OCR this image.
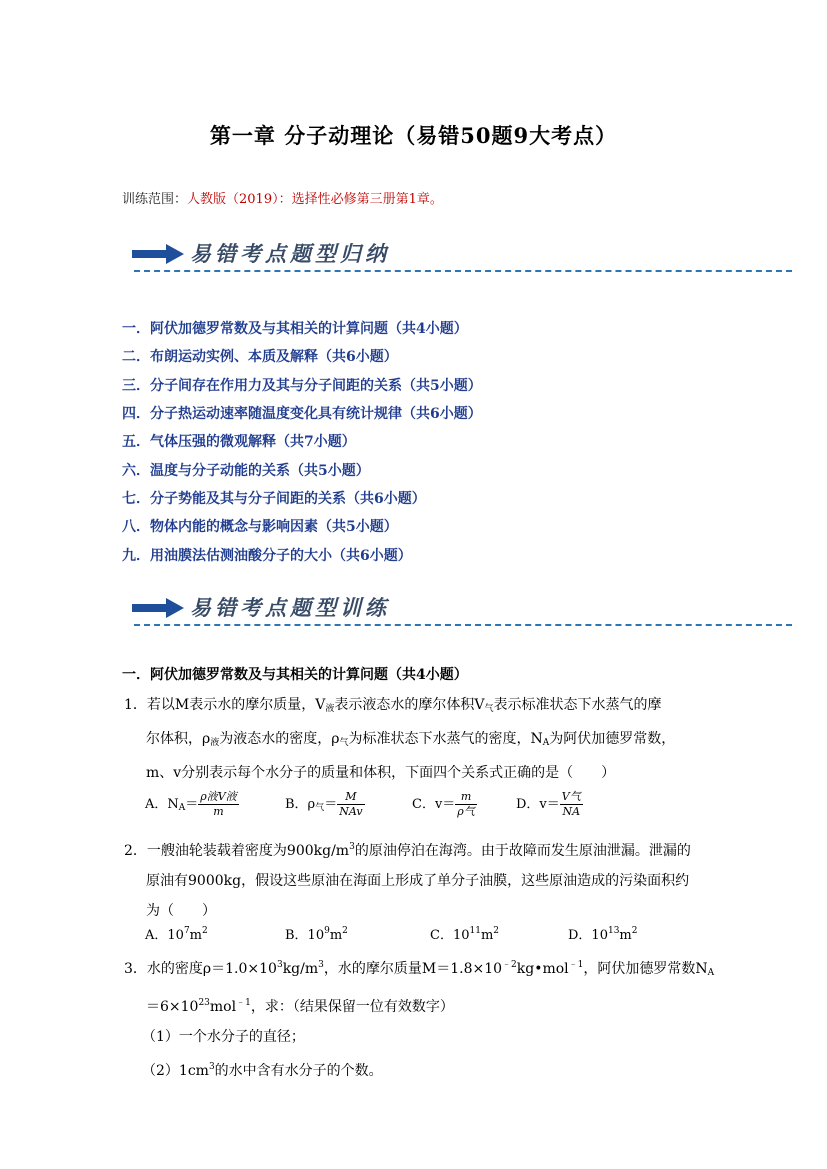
第一章 分子动理论（易错50题9大考点）
训练范围：人教版（2019）：选择性必修第三册第1章。
易错考点题型归纳
一．阿伏加德罗常数及与其相关的计算问题（共4小题）
二．布朗运动实例、本质及解释（共6小题）
三．分子间存在作用力及其与分子间距的关系（共5小题）
四．分子热运动速率随温度变化具有统计规律（共6小题）
五．气体压强的微观解释（共7小题）
六．温度与分子动能的关系（共5小题）
七．分子势能及其与分子间距的关系（共6小题）
八．物体内能的概念与影响因素（共5小题）
九．用油膜法估测油酸分子的大小（共6小题）
易错考点题型训练
一．阿伏加德罗常数及与其相关的计算问题（共4小题）
1．若以M表示水的摩尔质量，$V_液$表示液态水的摩尔体积$V_气$表示标准状态下水蒸气的摩
尔体积，$\rho_液$为液态水的密度，$\rho_气$为标准状态下水蒸气的密度，$N_A$为阿伏加德罗常数，
m、v分别表示每个水分子的质量和体积，下面四个关系式正确的是（　　）
A．$N_A= \frac{\text{ρ液V液}}{m}$	B．$\rho_气= \frac{M}{\text{NAv}}$	C．$v= \frac{m}{\text{ρ气}}$	D．$v= \frac{\text{V气}}{NA}$
2．一艘油轮装载着密度为$900kg/m^3$的原油停泊在海湾。由于故障而发生原油泄漏。泄漏的
原油有9000kg，假设这些原油在海面上形成了单分子油膜，这些原油造成的污染面积约
为（　　）
A．$10^7m^2$	B．$10^9m^2$	C．$10^{11}m^2$	D．$10^{13}m^2$
3．水的密度$\rho=1.0\times 10^3kg/m^3$，水的摩尔质量$M=1.8\times 10^{﹣2}kg•mol^{﹣1}$，阿伏加德罗常数$N_A$
$=6\times 10^{23}mol^{﹣1}$，求：（结果保留一位有效数字）
（1）一个水分子的直径；
$(2)1cm^3$的水中含有水分子的个数。
